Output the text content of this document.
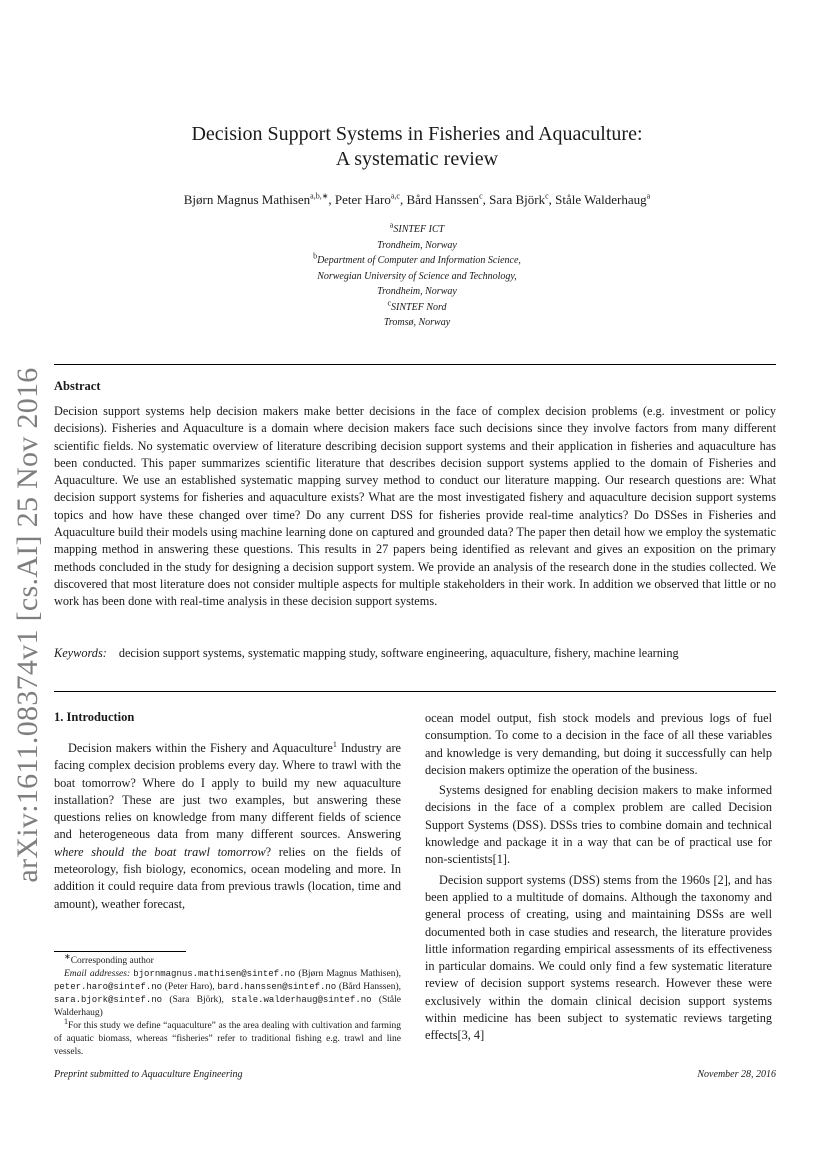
arXiv:1611.08374v1 [cs.AI] 25 Nov 2016
Decision Support Systems in Fisheries and Aquaculture:
A systematic review
Bjørn Magnus Mathisen$^{a,b,∗}$, Peter Haro$^{a,c}$, Bård Hanssen$^c$, Sara Björk$^c$, Ståle Walderhaug$^a$
$^a$SINTEF ICT
Trondheim, Norway
$^b$Department of Computer and Information Science,
Norwegian University of Science and Technology,
Trondheim, Norway
$^c$SINTEF Nord
Tromsø, Norway
Abstract

Decision support systems help decision makers make better decisions in the face of complex decision problems (e.g. investment or policy decisions). Fisheries and Aquaculture is a domain where decision makers face such decisions since they involve factors from many different scientific fields. No systematic overview of literature describing decision support systems and their application in fisheries and aquaculture has been conducted. This paper summarizes scientific literature that describes decision support systems applied to the domain of Fisheries and Aquaculture. We use an established systematic mapping survey method to conduct our literature mapping. Our research questions are: What decision support systems for fisheries and aquaculture exists? What are the most investigated fishery and aquaculture decision support systems topics and how have these changed over time? Do any current DSS for fisheries provide real-time analytics? Do DSSes in Fisheries and Aquaculture build their models using machine learning done on captured and grounded data? The paper then detail how we employ the systematic mapping method in answering these questions. This results in 27 papers being identified as relevant and gives an exposition on the primary methods concluded in the study for designing a decision support system. We provide an analysis of the research done in the studies collected. We discovered that most literature does not consider multiple aspects for multiple stakeholders in their work. In addition we observed that little or no work has been done with real-time analysis in these decision support systems.

Keywords: decision support systems, systematic mapping study, software engineering, aquaculture, fishery, machine learning

1. Introduction

Decision makers within the Fishery and Aquaculture$^1$ Industry are facing complex decision problems every day. Where to trawl with the boat tomorrow? Where do I apply to build my new aquaculture installation? These are just two examples, but answering these questions relies on knowledge from many different fields of science and heterogeneous data from many different sources. Answering where should the boat trawl tomorrow? relies on the fields of meteorology, fish biology, economics, ocean modeling and more. In addition it could require data from previous trawls (location, time and amount), weather forecast,

∗Corresponding author

Email addresses: bjornmagnus.mathisen@sintef.no (Bjørn Magnus Mathisen), peter.haro@sintef.no (Peter Haro), bard.hanssen@sintef.no (Bård Hanssen), sara.bjork@sintef.no (Sara Björk), stale.walderhaug@sintef.no (Ståle Walderhaug)

$^1$For this study we define “aquaculture” as the area dealing with cultivation and farming of aquatic biomass, whereas “fisheries” refer to traditional fishing e.g. trawl and line vessels.

ocean model output, fish stock models and previous logs of fuel consumption. To come to a decision in the face of all these variables and knowledge is very demanding, but doing it successfully can help decision makers optimize the operation of the business.

Systems designed for enabling decision makers to make informed decisions in the face of a complex problem are called Decision Support Systems (DSS). DSSs tries to combine domain and technical knowledge and package it in a way that can be of practical use for non-scientists[1].

Decision support systems (DSS) stems from the 1960s [2], and has been applied to a multitude of domains. Although the taxonomy and general process of creating, using and maintaining DSSs are well documented both in case studies and research, the literature provides little information regarding empirical assessments of its effectiveness in particular domains. We could only find a few systematic literature review of decision support systems research. However these were exclusively within the domain clinical decision support systems within medicine has been subject to systematic reviews targeting effects[3, 4]

Preprint submitted to Aquaculture Engineering	November 28, 2016
